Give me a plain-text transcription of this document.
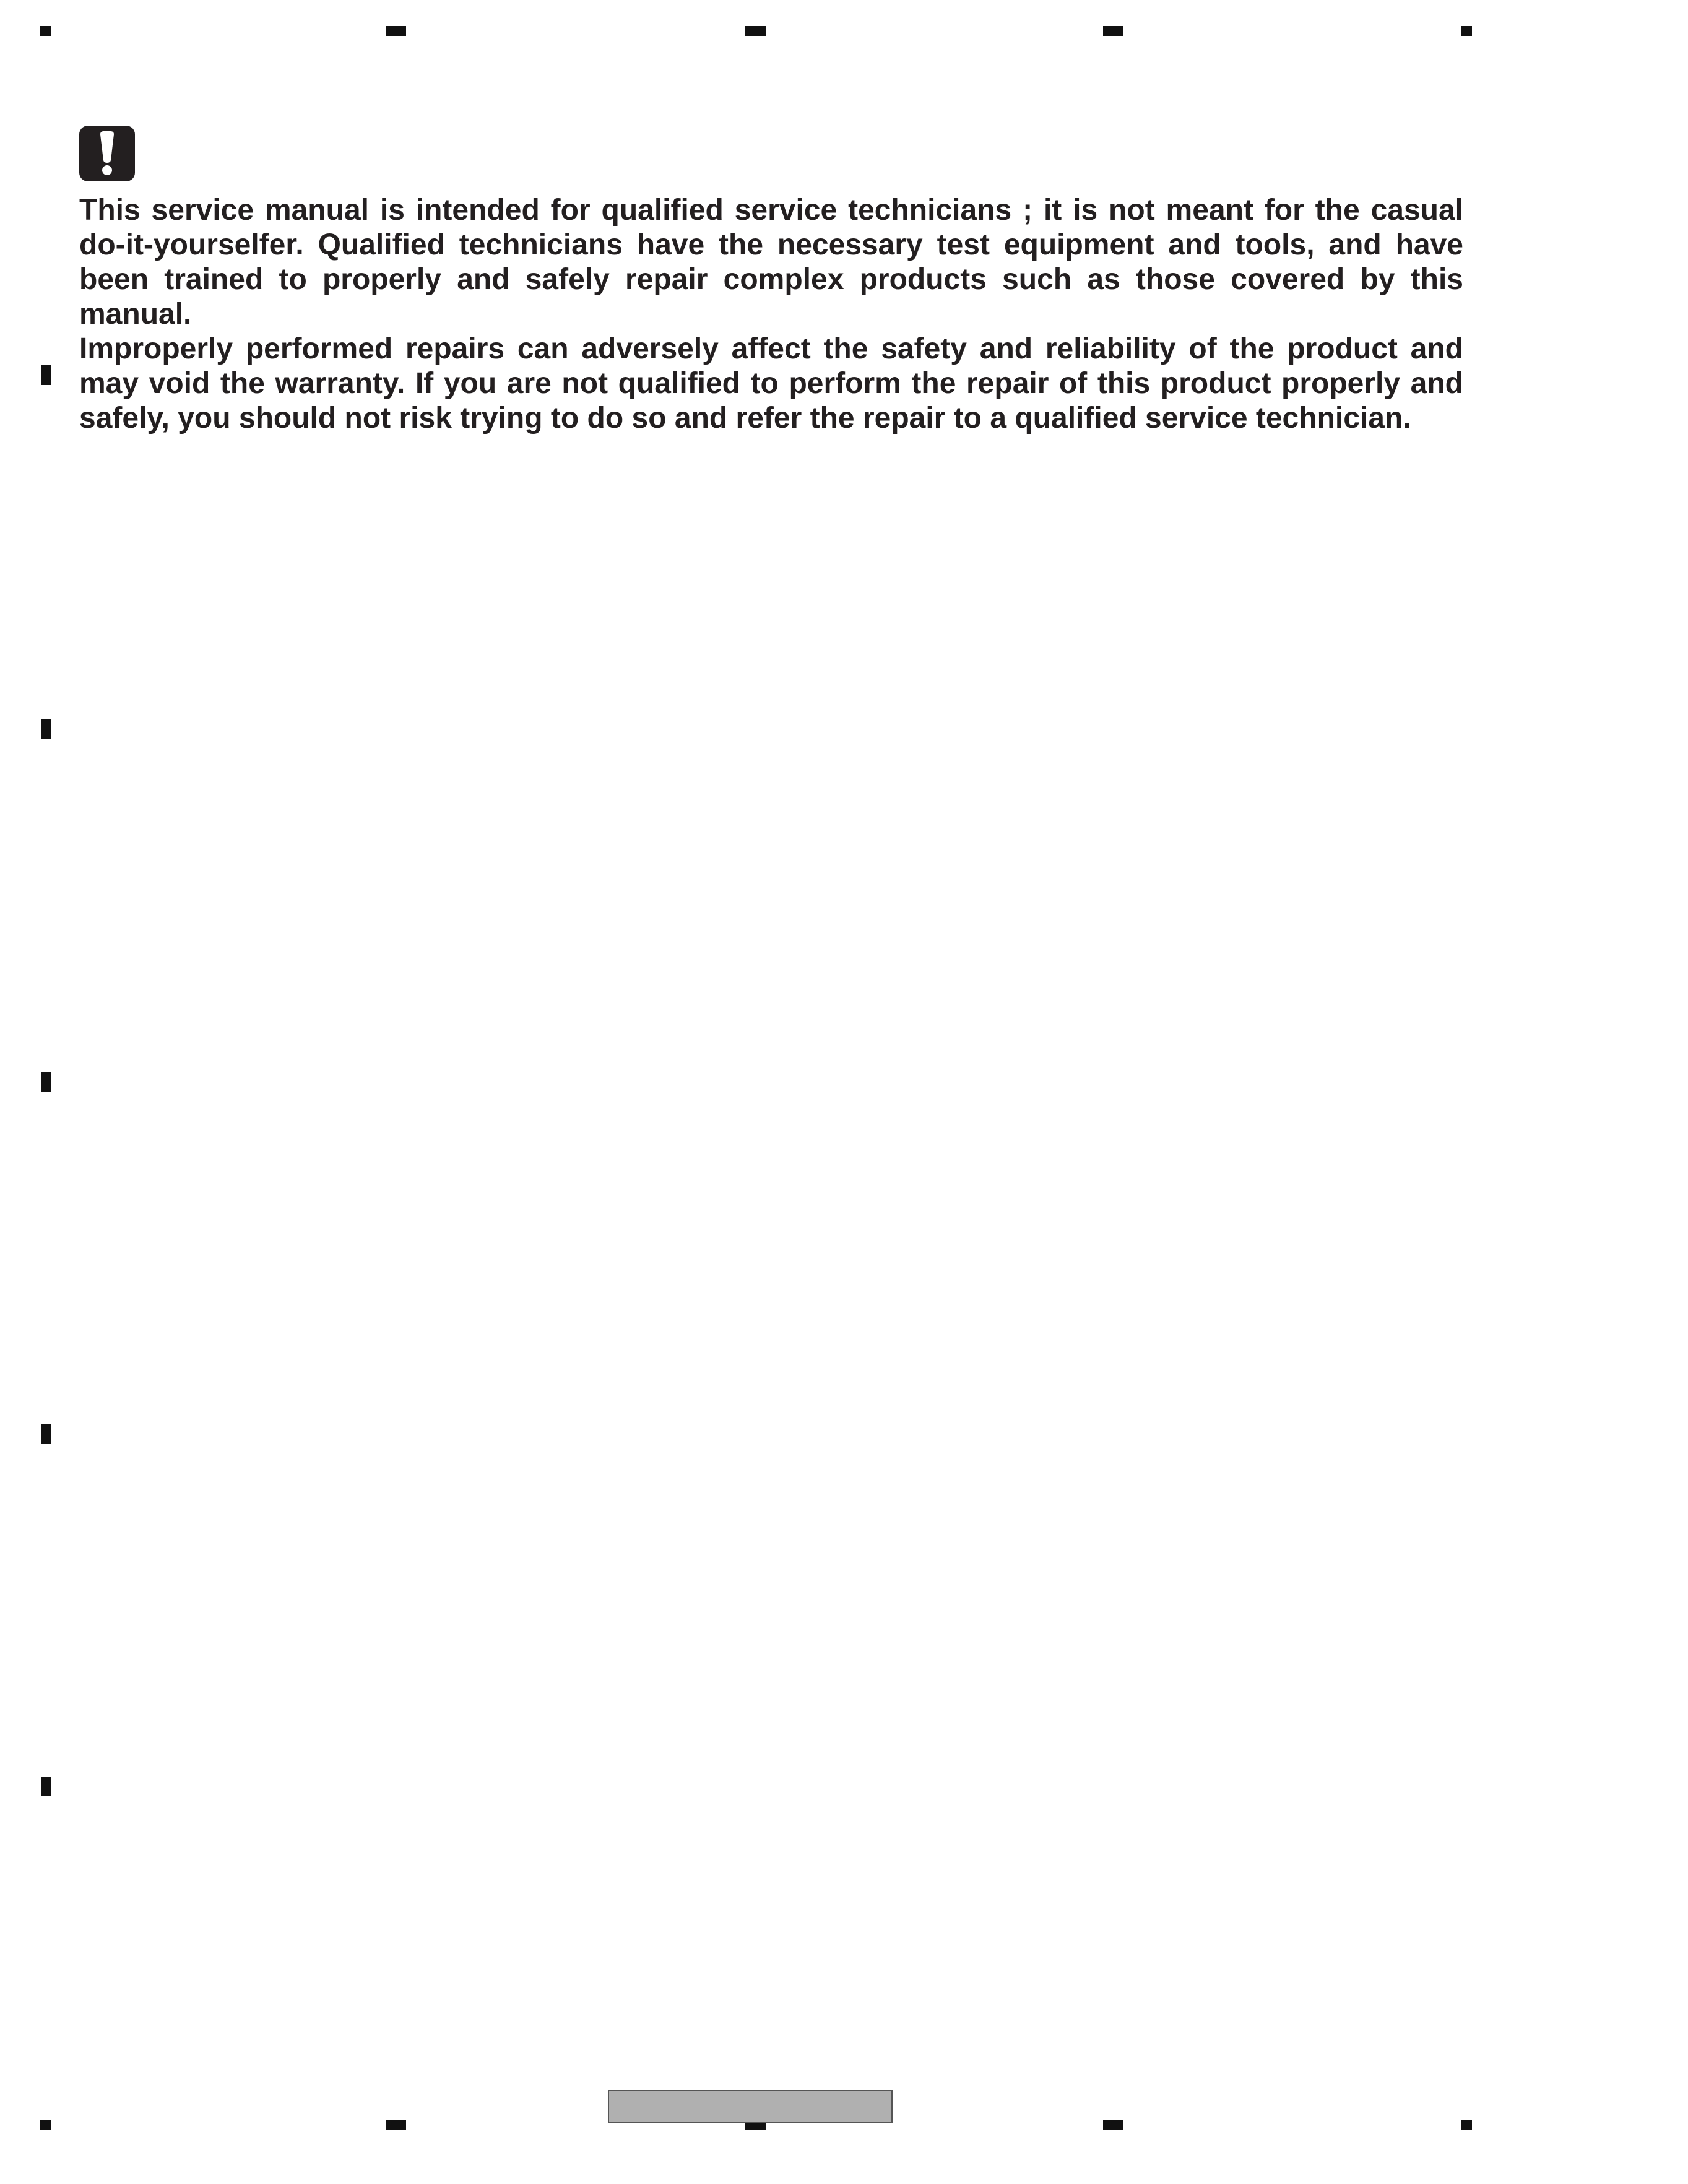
This service manual is intended for qualified service technicians ; it is not meant for the casual do-it-yourselfer. Qualified technicians have the necessary test equipment and tools, and have been trained to properly and safely repair complex products such as those covered by this manual.

Improperly performed repairs can adversely affect the safety and reliability of the product and may void the warranty. If you are not qualified to perform the repair of this product properly and safely, you should not risk trying to do so and refer the repair to a qualified service technician.
